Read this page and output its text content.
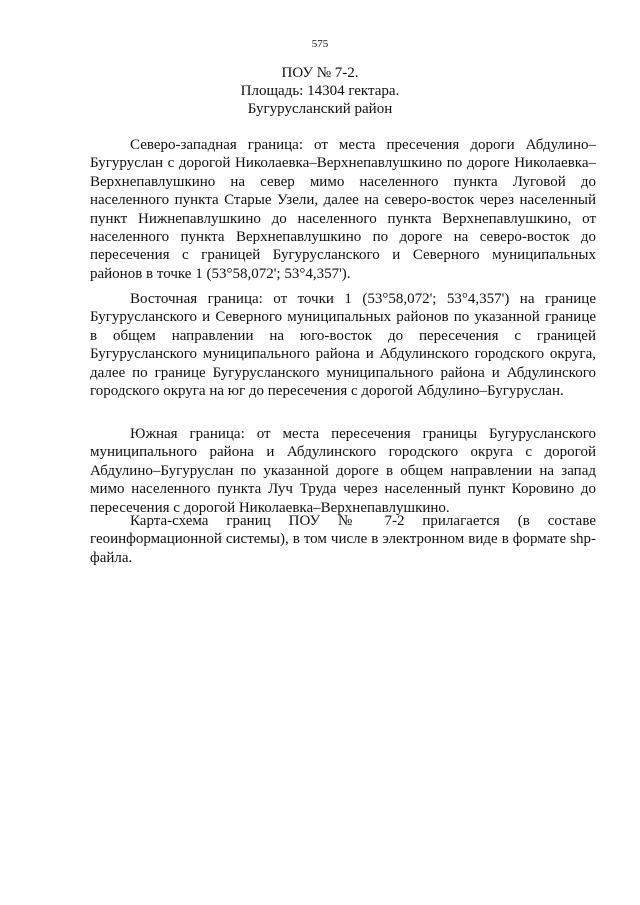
575
ПОУ № 7-2.
Площадь: 14304 гектара.
Бугурусланский район

Северо-западная граница: от места пресечения дороги Абдулино–Бугуруслан с дорогой Николаевка–Верхнепавлушкино по дороге Николаевка–Верхнепавлушкино на север мимо населенного пункта Луговой до населенного пункта Старые Узели, далее на северо-восток через населенный пункт Нижнепавлушкино до населенного пункта Верхнепавлушкино, от населенного пункта Верхнепавлушкино по дороге на северо-восток до пересечения с границей Бугурусланского и Северного муниципальных районов в точке 1 (53°58,072'; 53°4,357').

Восточная граница: от точки 1 (53°58,072'; 53°4,357') на границе Бугурусланского и Северного муниципальных районов по указанной границе в общем направлении на юго-восток до пересечения с границей Бугурусланского муниципального района и Абдулинского городского округа, далее по границе Бугурусланского муниципального района и Абдулинского городского округа на юг до пересечения с дорогой Абдулино–Бугуруслан.

Южная граница: от места пересечения границы Бугурусланского муниципального района и Абдулинского городского округа с дорогой Абдулино–Бугуруслан по указанной дороге в общем направлении на запад мимо населенного пункта Луч Труда через населенный пункт Коровино до пересечения с дорогой Николаевка–Верхнепавлушкино.

Карта-схема границ ПОУ № 7-2 прилагается (в составе геоинформационной системы), в том числе в электронном виде в формате shp-файла.
